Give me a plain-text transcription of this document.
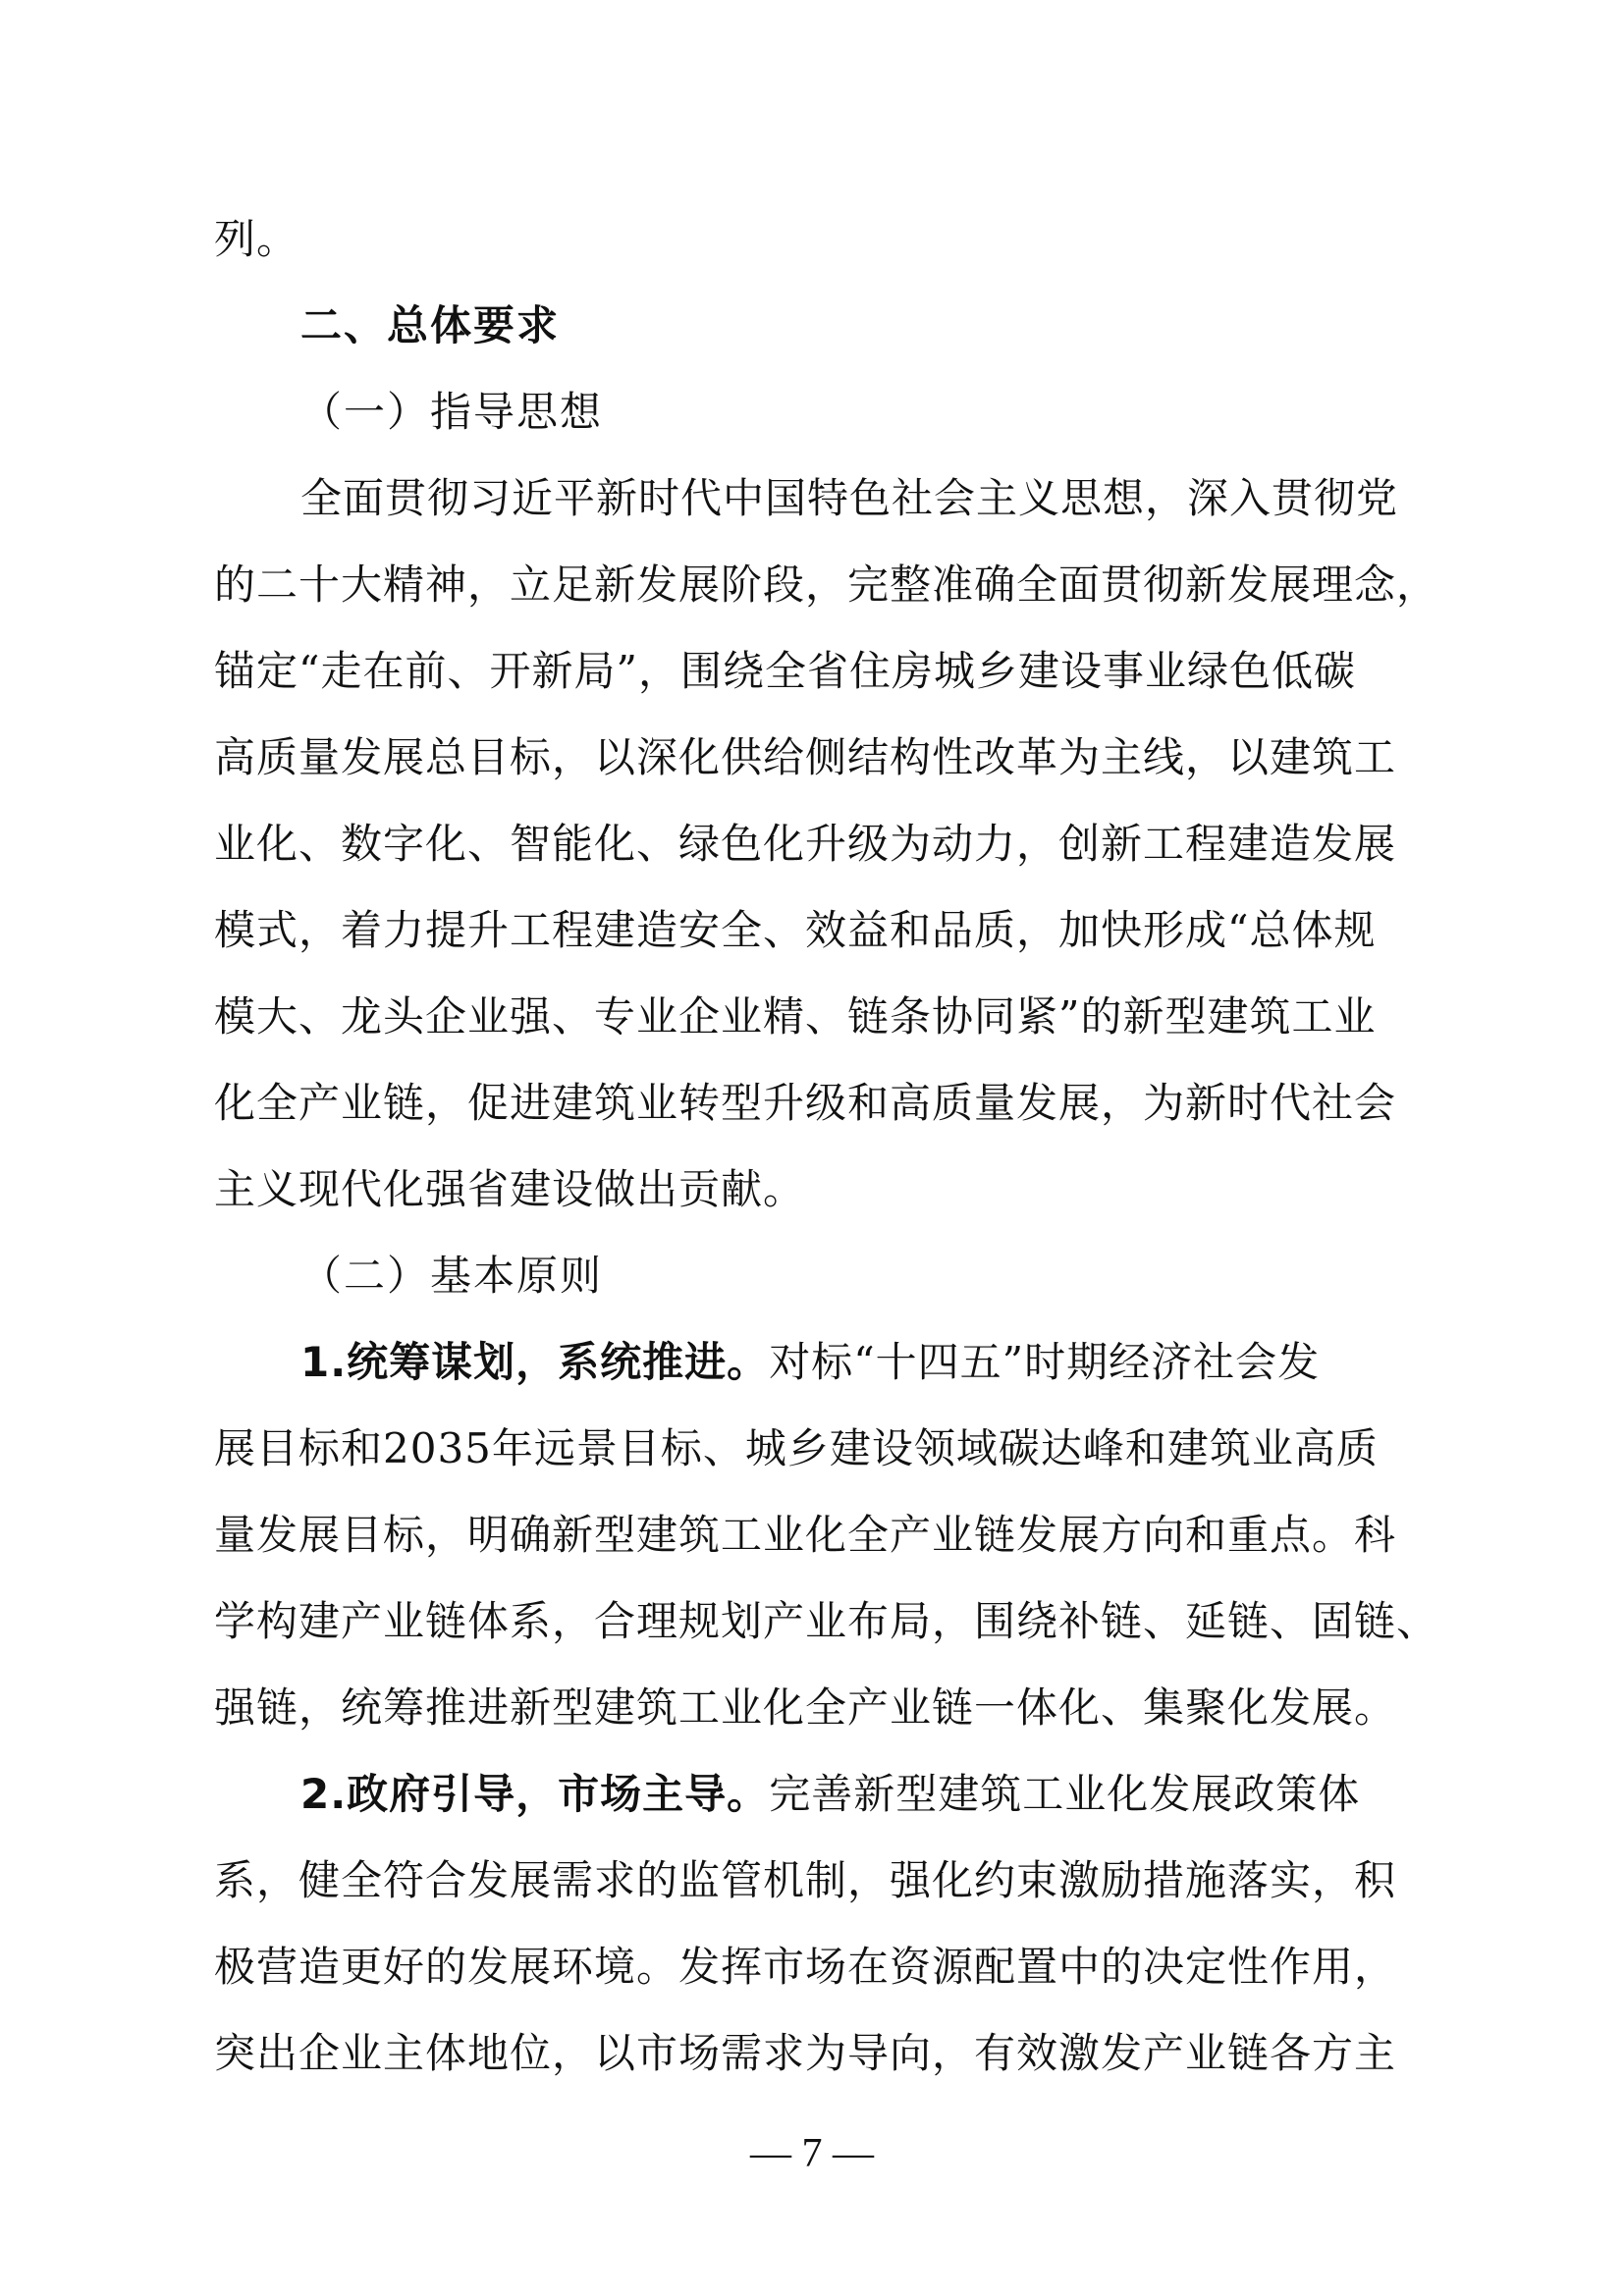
列。
二、总体要求
（一）指导思想
全面贯彻习近平新时代中国特色社会主义思想，深入贯彻党
的二十大精神，立足新发展阶段，完整准确全面贯彻新发展理念，
锚定“走在前、开新局”，围绕全省住房城乡建设事业绿色低碳
高质量发展总目标，以深化供给侧结构性改革为主线，以建筑工
业化、数字化、智能化、绿色化升级为动力，创新工程建造发展
模式，着力提升工程建造安全、效益和品质，加快形成“总体规
模大、龙头企业强、专业企业精、链条协同紧”的新型建筑工业
化全产业链，促进建筑业转型升级和高质量发展，为新时代社会
主义现代化强省建设做出贡献。
（二）基本原则
1.统筹谋划，系统推进。对标“十四五”时期经济社会发
展目标和2035年远景目标、城乡建设领域碳达峰和建筑业高质
量发展目标，明确新型建筑工业化全产业链发展方向和重点。科
学构建产业链体系，合理规划产业布局，围绕补链、延链、固链、
强链，统筹推进新型建筑工业化全产业链一体化、集聚化发展。
2.政府引导，市场主导。完善新型建筑工业化发展政策体
系，健全符合发展需求的监管机制，强化约束激励措施落实，积
极营造更好的发展环境。发挥市场在资源配置中的决定性作用，
突出企业主体地位，以市场需求为导向，有效激发产业链各方主
— 7 —
